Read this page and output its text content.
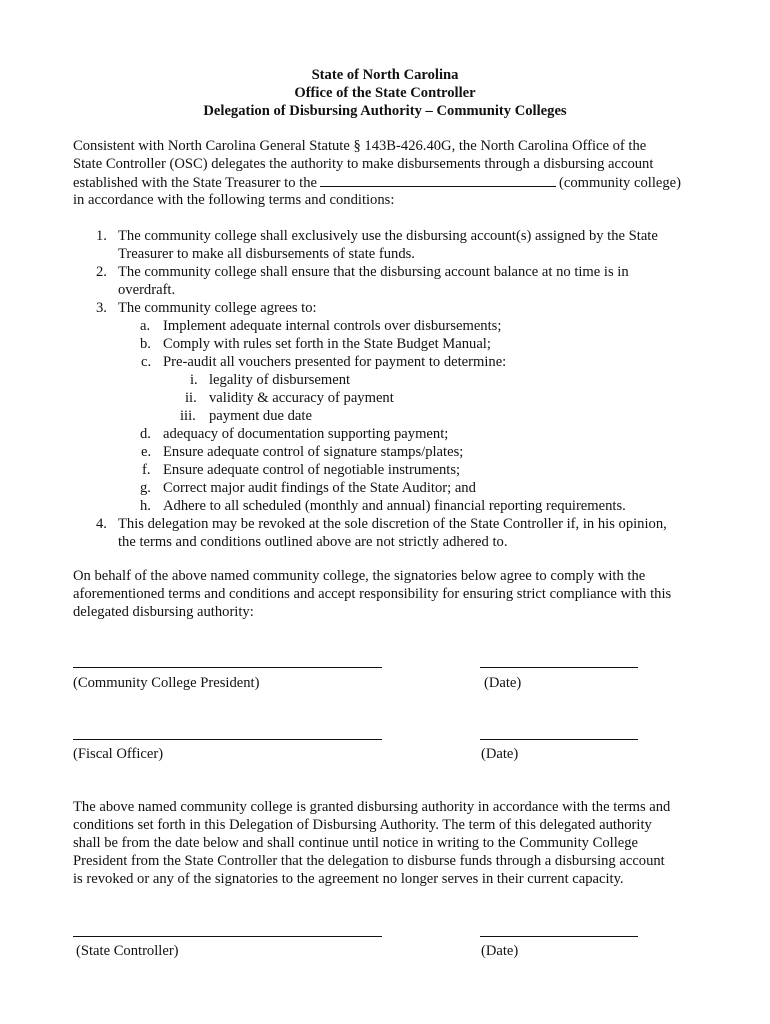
State of North Carolina
Office of the State Controller
Delegation of Disbursing Authority – Community Colleges
Consistent with North Carolina General Statute § 143B-426.40G, the North Carolina Office of the
State Controller (OSC) delegates the authority to make disbursements through a disbursing account
established with the State Treasurer to the	(community college)
in accordance with the following terms and conditions:
1. The community college shall exclusively use the disbursing account(s) assigned by the State
Treasurer to make all disbursements of state funds.
2. The community college shall ensure that the disbursing account balance at no time is in
overdraft.
3. The community college agrees to:
a. Implement adequate internal controls over disbursements;
b. Comply with rules set forth in the State Budget Manual;
c. Pre-audit all vouchers presented for payment to determine:
i. legality of disbursement
ii. validity & accuracy of payment
iii. payment due date
d. adequacy of documentation supporting payment;
e. Ensure adequate control of signature stamps/plates;
f. Ensure adequate control of negotiable instruments;
g. Correct major audit findings of the State Auditor; and
h. Adhere to all scheduled (monthly and annual) financial reporting requirements.
4. This delegation may be revoked at the sole discretion of the State Controller if, in his opinion,
the terms and conditions outlined above are not strictly adhered to.
On behalf of the above named community college, the signatories below agree to comply with the
aforementioned terms and conditions and accept responsibility for ensuring strict compliance with this
delegated disbursing authority:
(Community College President)	(Date)
(Fiscal Officer)	(Date)
The above named community college is granted disbursing authority in accordance with the terms and
conditions set forth in this Delegation of Disbursing Authority. The term of this delegated authority
shall be from the date below and shall continue until notice in writing to the Community College
President from the State Controller that the delegation to disburse funds through a disbursing account
is revoked or any of the signatories to the agreement no longer serves in their current capacity.
(State Controller)	(Date)
